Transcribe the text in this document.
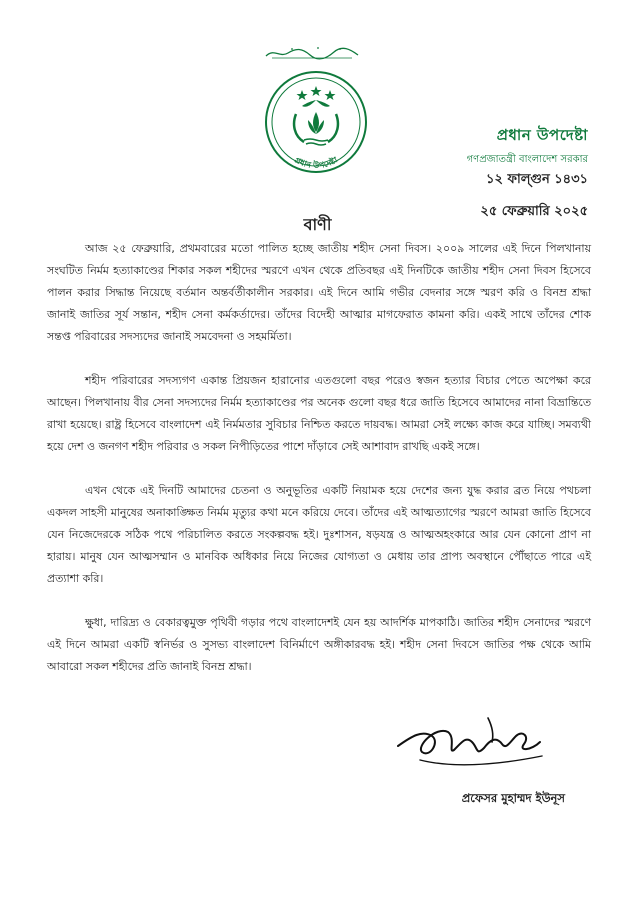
প্রধান উপদেষ্টা
প্রধান উপদেষ্টা
গণপ্রজাতন্ত্রী বাংলাদেশ সরকার
১২ ফাল্গুন ১৪৩১
২৫ ফেব্রুয়ারি ২০২৫
বাণী

আজ ২৫ ফেব্রুয়ারি, প্রথমবারের মতো পালিত হচ্ছে জাতীয় শহীদ সেনা দিবস। ২০০৯ সালের এই দিনে পিলখানায় সংঘটিত নির্মম হত্যাকাণ্ডের শিকার সকল শহীদের স্মরণে এখন থেকে প্রতিবছর এই দিনটিকে জাতীয় শহীদ সেনা দিবস হিসেবে পালন করার সিদ্ধান্ত নিয়েছে বর্তমান অন্তর্বর্তীকালীন সরকার। এই দিনে আমি গভীর বেদনার সঙ্গে স্মরণ করি ও বিনম্র শ্রদ্ধা জানাই জাতির সূর্য সন্তান, শহীদ সেনা কর্মকর্তাদের। তাঁদের বিদেহী আত্মার মাগফেরাত কামনা করি। একই সাথে তাঁদের শোক সন্তপ্ত পরিবারের সদস্যদের জানাই সমবেদনা ও সহমর্মিতা।

শহীদ পরিবারের সদস্যগণ একান্ত প্রিয়জন হারানোর এতগুলো বছর পরেও স্বজন হত্যার বিচার পেতে অপেক্ষা করে আছেন। পিলখানায় বীর সেনা সদস্যদের নির্মম হত্যাকাণ্ডের পর অনেক গুলো বছর ধরে জাতি হিসেবে আমাদের নানা বিভ্রান্তিতে রাখা হয়েছে। রাষ্ট্র হিসেবে বাংলাদেশ এই নির্মমতার সুবিচার নিশ্চিত করতে দায়বদ্ধ। আমরা সেই লক্ষ্যে কাজ করে যাচ্ছি। সমব্যথী হয়ে দেশ ও জনগণ শহীদ পরিবার ও সকল নিপীড়িতের পাশে দাঁড়াবে সেই আশাবাদ রাখছি একই সঙ্গে।

এখন থেকে এই দিনটি আমাদের চেতনা ও অনুভূতির একটি নিয়ামক হয়ে দেশের জন্য যুদ্ধ করার ব্রত নিয়ে পথচলা একদল সাহসী মানুষের অনাকাঙ্ক্ষিত নির্মম মৃত্যুর কথা মনে করিয়ে দেবে। তাঁদের এই আত্মত্যাগের স্মরণে আমরা জাতি হিসেবে যেন নিজেদেরকে সঠিক পথে পরিচালিত করতে সংকল্পবদ্ধ হই। দুঃশাসন, ষড়যন্ত্র ও আত্মঅহংকারে আর যেন কোনো প্রাণ না হারায়। মানুষ যেন আত্মসম্মান ও মানবিক অধিকার নিয়ে নিজের যোগ্যতা ও মেধায় তার প্রাপ্য অবস্থানে পৌঁছাতে পারে এই প্রত্যাশা করি।

ক্ষুধা, দারিদ্র্য ও বেকারত্বমুক্ত পৃথিবী গড়ার পথে বাংলাদেশই যেন হয় আদর্শিক মাপকাঠি। জাতির শহীদ সেনাদের স্মরণে এই দিনে আমরা একটি স্বনির্ভর ও সুসভ্য বাংলাদেশ বিনির্মাণে অঙ্গীকারবদ্ধ হই। শহীদ সেনা দিবসে জাতির পক্ষ থেকে আমি আবারো সকল শহীদের প্রতি জানাই বিনম্র শ্রদ্ধা।

প্রফেসর মুহাম্মদ ইউনূস
